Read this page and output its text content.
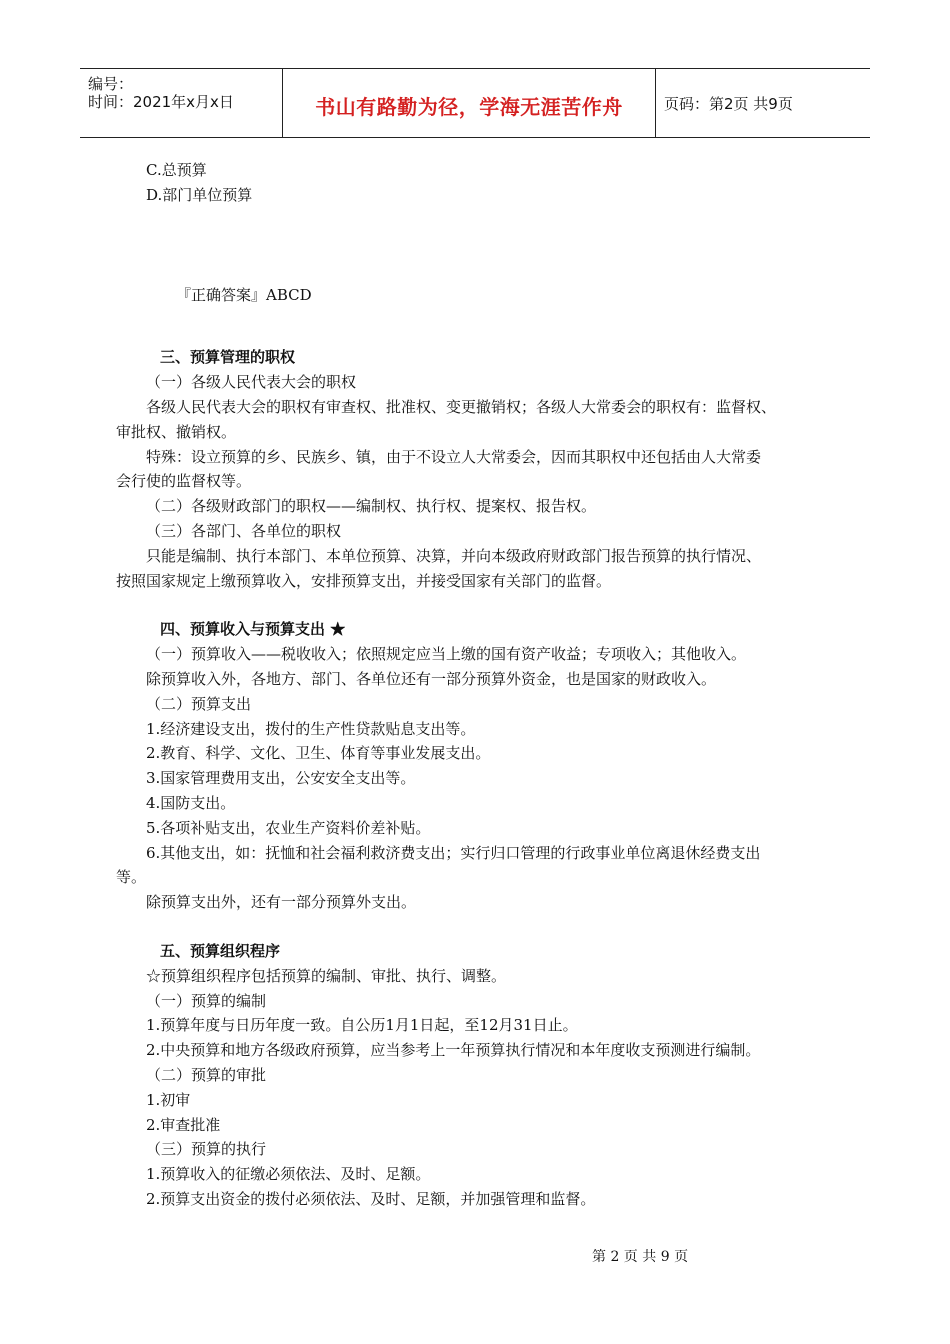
编号：
时间：2021年x月x日	书山有路勤为径，学海无涯苦作舟	页码：第2页 共9页

C.总预算

D.部门单位预算

『正确答案』ABCD

三、预算管理的职权

（一）各级人民代表大会的职权

各级人民代表大会的职权有审查权、批准权、变更撤销权；各级人大常委会的职权有：监督权、

审批权、撤销权。

特殊：设立预算的乡、民族乡、镇，由于不设立人大常委会，因而其职权中还包括由人大常委

会行使的监督权等。

（二）各级财政部门的职权——编制权、执行权、提案权、报告权。

（三）各部门、各单位的职权

只能是编制、执行本部门、本单位预算、决算，并向本级政府财政部门报告预算的执行情况、

按照国家规定上缴预算收入，安排预算支出，并接受国家有关部门的监督。

四、预算收入与预算支出 ★

（一）预算收入——税收收入；依照规定应当上缴的国有资产收益；专项收入；其他收入。

除预算收入外，各地方、部门、各单位还有一部分预算外资金，也是国家的财政收入。

（二）预算支出

1.经济建设支出，拨付的生产性贷款贴息支出等。

2.教育、科学、文化、卫生、体育等事业发展支出。

3.国家管理费用支出，公安安全支出等。

4.国防支出。

5.各项补贴支出，农业生产资料价差补贴。

6.其他支出，如：抚恤和社会福利救济费支出；实行归口管理的行政事业单位离退休经费支出

等。

除预算支出外，还有一部分预算外支出。

五、预算组织程序

☆预算组织程序包括预算的编制、审批、执行、调整。

（一）预算的编制

1.预算年度与日历年度一致。自公历1月1日起，至12月31日止。

2.中央预算和地方各级政府预算，应当参考上一年预算执行情况和本年度收支预测进行编制。

（二）预算的审批

1.初审

2.审查批准

（三）预算的执行

1.预算收入的征缴必须依法、及时、足额。

2.预算支出资金的拨付必须依法、及时、足额，并加强管理和监督。

第 2 页 共 9 页
